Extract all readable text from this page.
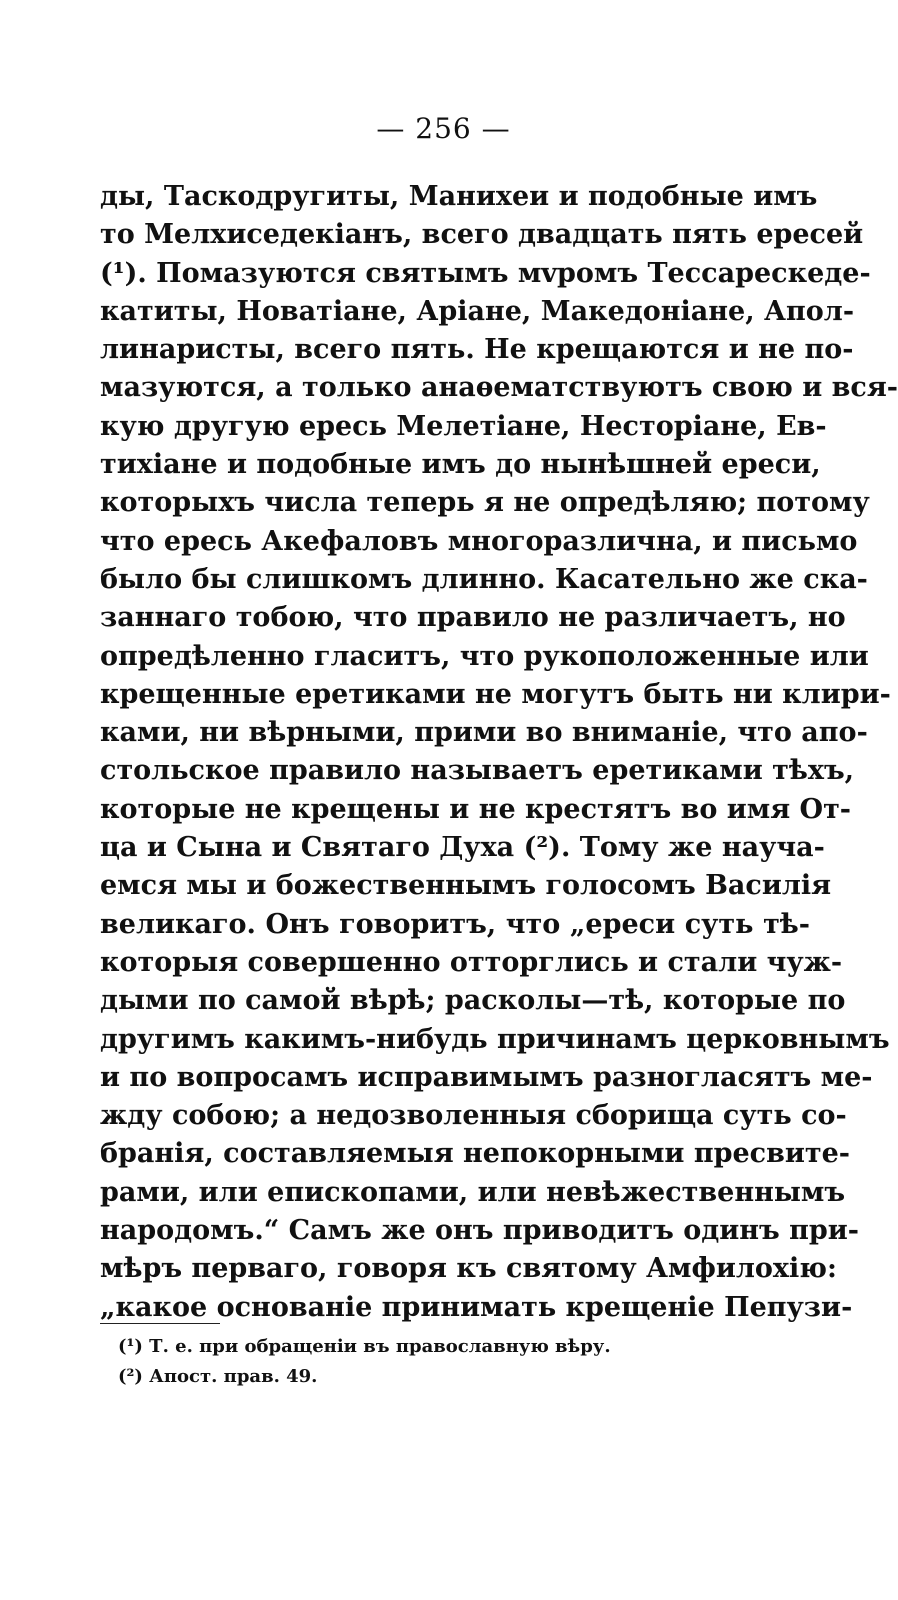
— 256 —
ды, Таскодругиты, Манихеи и подобные имъ
то Мелхиседекіанъ, всего двадцать пять ересей
(¹). Помазуются святымъ мvромъ Тессарескеде-
катиты, Новатіане, Аріане, Македоніане, Апол-
линаристы, всего пять. Не крещаются и не по-
мазуются, а только анаѳематствуютъ свою и вся-
кую другую ересь Мелетіане, Несторіане, Ев-
тихіане и подобные имъ до нынѣшней ереси,
которыхъ числа теперь я не опредѣляю; потому
что ересь Акефаловъ многоразлична, и письмо
было бы слишкомъ длинно. Касательно же ска-
заннаго тобою, что правило не различаетъ, но
опредѣленно гласитъ, что рукоположенные или
крещенные еретиками не могутъ быть ни клири-
ками, ни вѣрными, прими во вниманіе, что апо-
стольское правило называетъ еретиками тѣхъ,
которые не крещены и не крестятъ во имя От-
ца и Сына и Святаго Духа (²). Тому же науча-
емся мы и божественнымъ голосомъ Василія
великаго. Онъ говоритъ, что „ереси суть тѣ-
которыя совершенно отторглись и стали чуж-
дыми по самой вѣрѣ; расколы—тѣ, которые по
другимъ какимъ-нибудь причинамъ церковнымъ
и по вопросамъ исправимымъ разногласятъ ме-
жду собою; а недозволенныя сборища суть со-
бранія, составляемыя непокорными пресвите-
рами, или епископами, или невѣжественнымъ
народомъ.“ Самъ же онъ приводитъ одинъ при-
мѣръ перваго, говоря къ святому Амфилохію:
„какое основаніе принимать крещеніе Пепузи-
(¹) Т. е. при обращеніи въ православную вѣру.
(²) Апост. прав. 49.
